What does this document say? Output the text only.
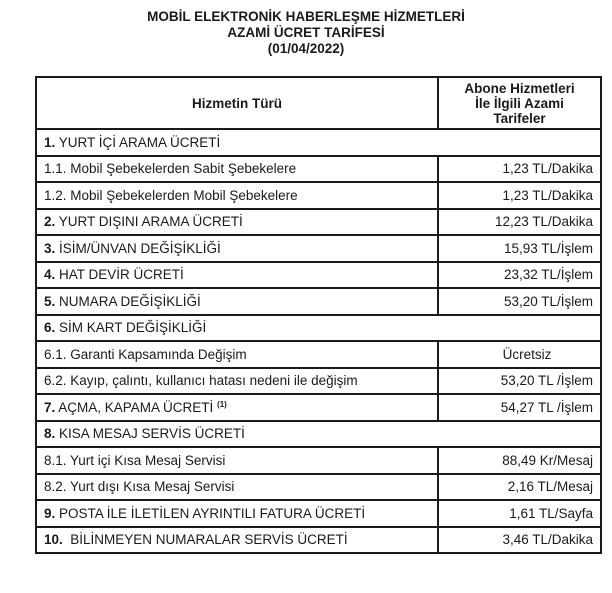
MOBİL ELEKTRONİK HABERLEŞME HİZMETLERİ
AZAMİ ÜCRET TARİFESİ
(01/04/2022)
Hizmetin Türü	Abone Hizmetleri
İle İlgili Azami
Tarifeler

1. YURT İÇİ ARAMA ÜCRETİ	
1.1. Mobil Şebekelerden Sabit Şebekelere	1,23 TL/Dakika
1.2. Mobil Şebekelerden Mobil Şebekelere	1,23 TL/Dakika
2. YURT DIŞINI ARAMA ÜCRETİ	12,23 TL/Dakika
3. İSİM/ÜNVAN DEĞİŞİKLİĞİ	15,93 TL/İşlem
4. HAT DEVİR ÜCRETİ	23,32 TL/İşlem
5. NUMARA DEĞİŞİKLİĞİ	53,20 TL/İşlem
6. SİM KART DEĞİŞİKLİĞİ	
6.1. Garanti Kapsamında Değişim	Ücretsiz
6.2. Kayıp, çalıntı, kullanıcı hatası nedeni ile değişim	53,20 TL /İşlem
7. AÇMA, KAPAMA ÜCRETİ $^{(1)}$	54,27 TL /İşlem
8. KISA MESAJ SERVİS ÜCRETİ	
8.1. Yurt içi Kısa Mesaj Servisi	88,49 Kr/Mesaj
8.2. Yurt dışı Kısa Mesaj Servisi	2,16 TL/Mesaj
9. POSTA İLE İLETİLEN AYRINTILI FATURA ÜCRETİ	1,61 TL/Sayfa
10.  BİLİNMEYEN NUMARALAR SERVİS ÜCRETİ	3,46 TL/Dakika
